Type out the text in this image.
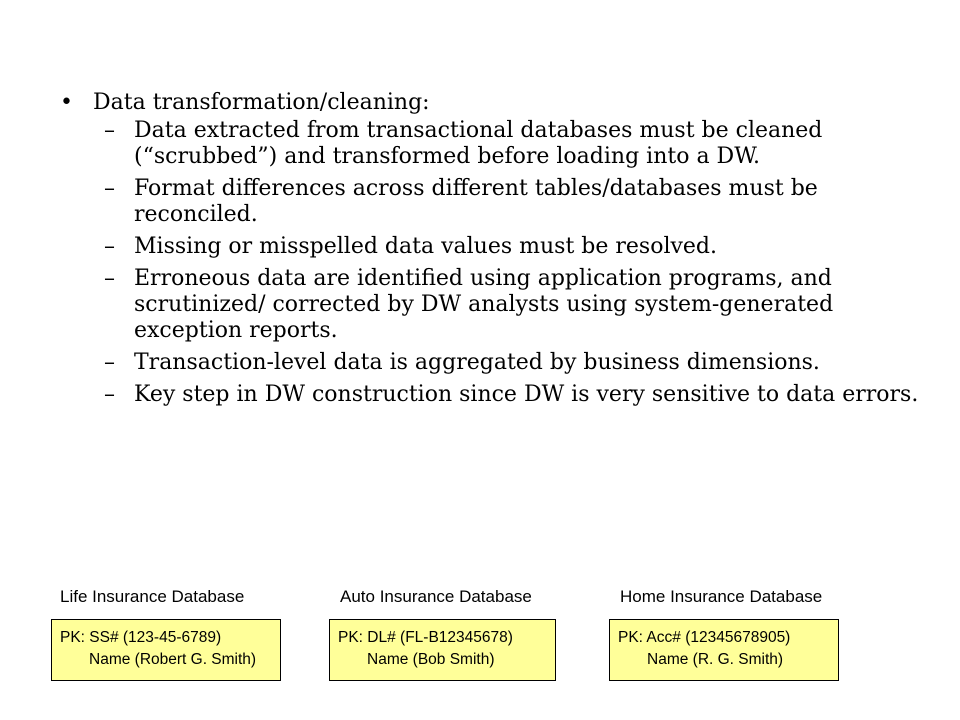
• Data transformation/cleaning:
– Data extracted from transactional databases must be cleaned (“scrubbed”) and transformed before loading into a DW.
– Format differences across different tables/databases must be reconciled.
– Missing or misspelled data values must be resolved.
– Erroneous data are identified using application programs, and scrutinized/ corrected by DW analysts using system-generated exception reports.
– Transaction-level data is aggregated by business dimensions.
– Key step in DW construction since DW is very sensitive to data errors.
Life Insurance Database
PK: SS# (123-45-6789)
Name (Robert G. Smith)
Auto Insurance Database
PK: DL# (FL-B12345678)
Name (Bob Smith)
Home Insurance Database
PK: Acc# (12345678905)
Name (R. G. Smith)
